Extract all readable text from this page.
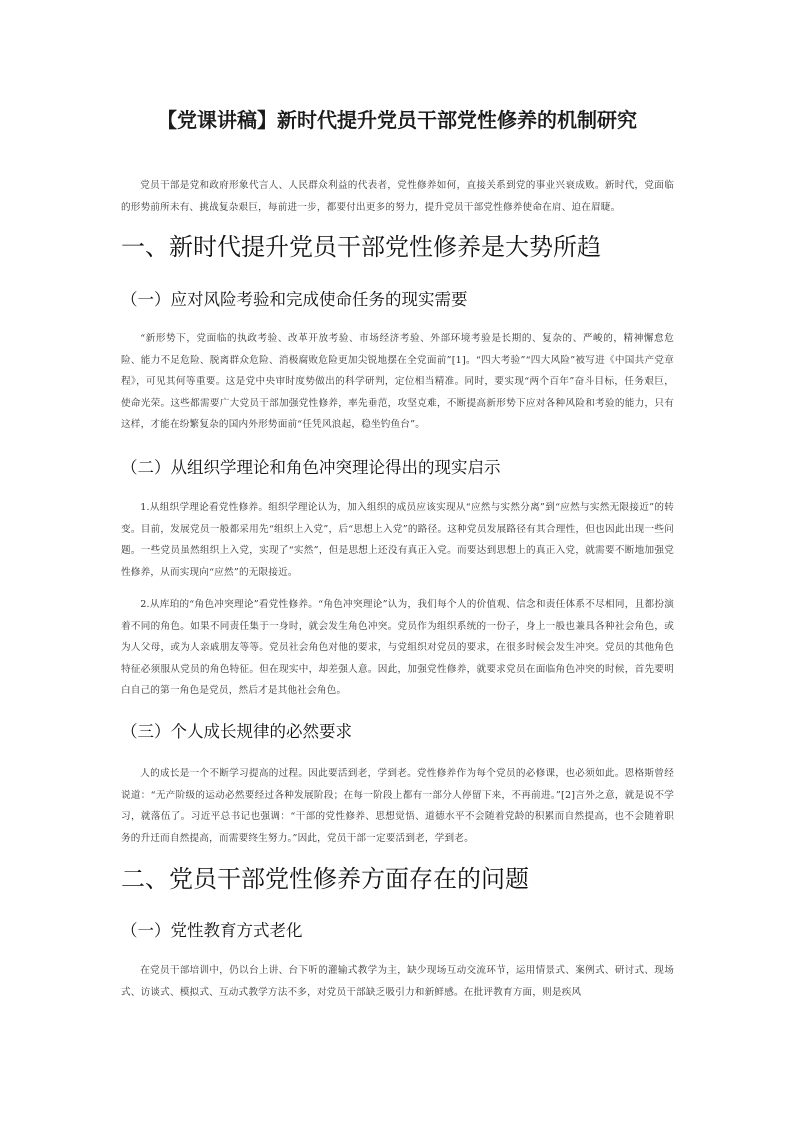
【党课讲稿】新时代提升党员干部党性修养的机制研究

党员干部是党和政府形象代言人、人民群众利益的代表者，党性修养如何，直接关系到党的事业兴衰成败。新时代，党面临的形势前所未有、挑战复杂艰巨，每前进一步，都要付出更多的努力，提升党员干部党性修养使命在肩、迫在眉睫。

一、新时代提升党员干部党性修养是大势所趋
（一）应对风险考验和完成使命任务的现实需要

“新形势下，党面临的执政考验、改革开放考验、市场经济考验、外部环境考验是长期的、复杂的、严峻的，精神懈怠危险、能力不足危险、脱离群众危险、消极腐败危险更加尖锐地摆在全党面前”[1]。“四大考验”“四大风险”被写进《中国共产党章程》，可见其何等重要。这是党中央审时度势做出的科学研判，定位相当精准。同时，要实现“两个百年”奋斗目标，任务艰巨，使命光荣。这些都需要广大党员干部加强党性修养，率先垂范，攻坚克难，不断提高新形势下应对各种风险和考验的能力，只有这样，才能在纷繁复杂的国内外形势面前“任凭风浪起，稳坐钓鱼台”。

（二）从组织学理论和角色冲突理论得出的现实启示

1.从组织学理论看党性修养。组织学理论认为，加入组织的成员应该实现从“应然与实然分离”到“应然与实然无限接近”的转变。目前，发展党员一般都采用先“组织上入党”，后“思想上入党”的路径。这种党员发展路径有其合理性，但也因此出现一些问题。一些党员虽然组织上入党，实现了“实然”，但是思想上还没有真正入党。而要达到思想上的真正入党，就需要不断地加强党性修养，从而实现向“应然”的无限接近。

2.从库珀的“角色冲突理论”看党性修养。“角色冲突理论”认为，我们每个人的价值观、信念和责任体系不尽相同，且都扮演着不同的角色。如果不同责任集于一身时，就会发生角色冲突。党员作为组织系统的一份子，身上一般也兼具各种社会角色，或为人父母，或为人亲戚朋友等等。党员社会角色对他的要求，与党组织对党员的要求，在很多时候会发生冲突。党员的其他角色特征必须服从党员的角色特征。但在现实中，却差强人意。因此，加强党性修养，就要求党员在面临角色冲突的时候，首先要明白自己的第一角色是党员，然后才是其他社会角色。

（三）个人成长规律的必然要求

人的成长是一个不断学习提高的过程。因此要活到老，学到老。党性修养作为每个党员的必修课，也必须如此。恩格斯曾经说道：“无产阶级的运动必然要经过各种发展阶段；在每一阶段上都有一部分人停留下来，不再前进。”[2]言外之意，就是说不学习，就落伍了。习近平总书记也强调：“干部的党性修养、思想觉悟、道德水平不会随着党龄的积累而自然提高，也不会随着职务的升迁而自然提高，而需要终生努力。”因此，党员干部一定要活到老，学到老。

二、党员干部党性修养方面存在的问题
（一）党性教育方式老化

在党员干部培训中，仍以台上讲、台下听的灌输式教学为主，缺少现场互动交流环节，运用情景式、案例式、研讨式、现场式、访谈式、模拟式、互动式教学方法不多，对党员干部缺乏吸引力和新鲜感。在批评教育方面，则是疾风
